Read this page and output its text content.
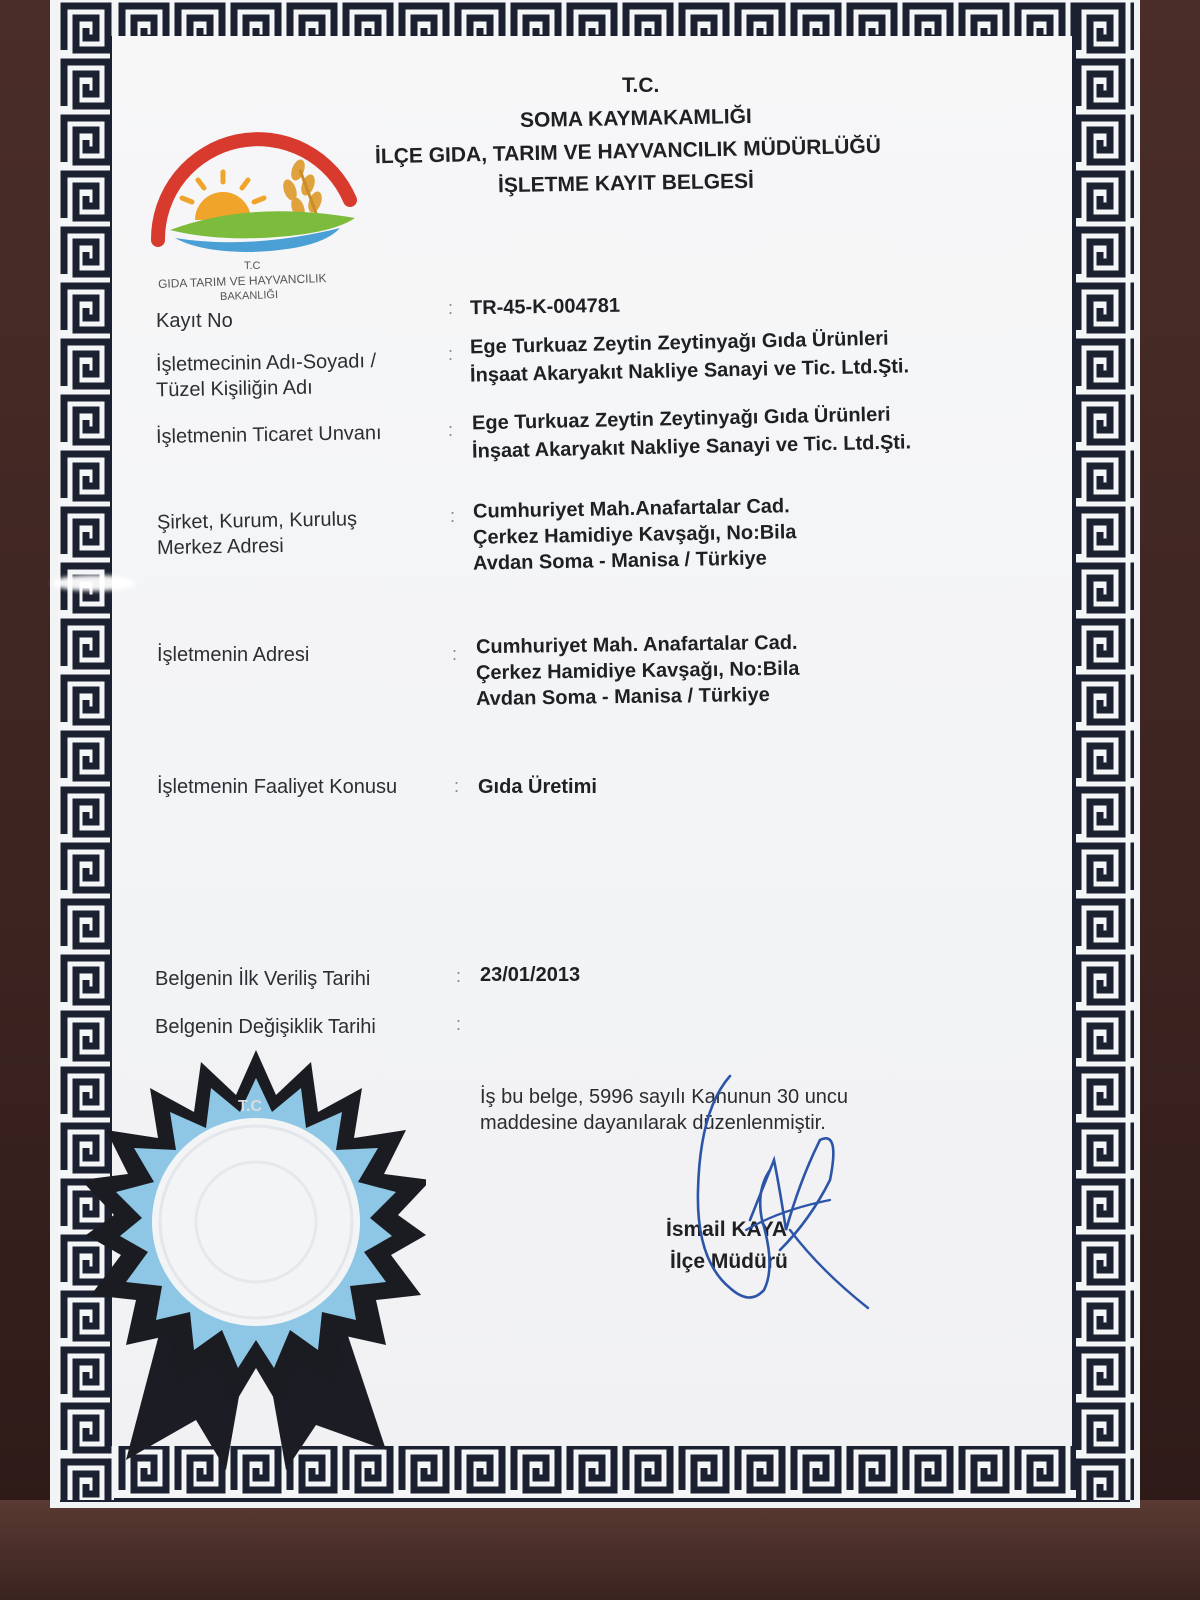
T.C
GIDA TARIM VE HAYVANCILIK
BAKANLIĞI
T.C.
SOMA KAYMAKAMLIĞI
İLÇE GIDA, TARIM VE HAYVANCILIK MÜDÜRLÜĞÜ
İŞLETME KAYIT BELGESİ
Kayıt No
: TR-45-K-004781
İşletmecinin Adı-Soyadı /
Tüzel Kişiliğin Adı
: Ege Turkuaz Zeytin Zeytinyağı Gıda Ürünleri
İnşaat Akaryakıt Nakliye Sanayi ve Tic. Ltd.Şti.
İşletmenin Ticaret Unvanı	: Ege Turkuaz Zeytin Zeytinyağı Gıda Ürünleri
İnşaat Akaryakıt Nakliye Sanayi ve Tic. Ltd.Şti.
Şirket, Kurum, Kuruluş
Merkez Adresi
: Cumhuriyet Mah.Anafartalar Cad.
Çerkez Hamidiye Kavşağı, No:Bila
Avdan Soma - Manisa / Türkiye
İşletmenin Adresi	: Cumhuriyet Mah. Anafartalar Cad.
Çerkez Hamidiye Kavşağı, No:Bila
Avdan Soma - Manisa / Türkiye
İşletmenin Faaliyet Konusu	: Gıda Üretimi
Belgenin İlk Veriliş Tarihi	: 23/01/2013
Belgenin Değişiklik Tarihi	:
İş bu belge, 5996 sayılı Kanunun 30 uncu
maddesine dayanılarak düzenlenmiştir.
İsmail KAYA
İlçe Müdürü
T.C
